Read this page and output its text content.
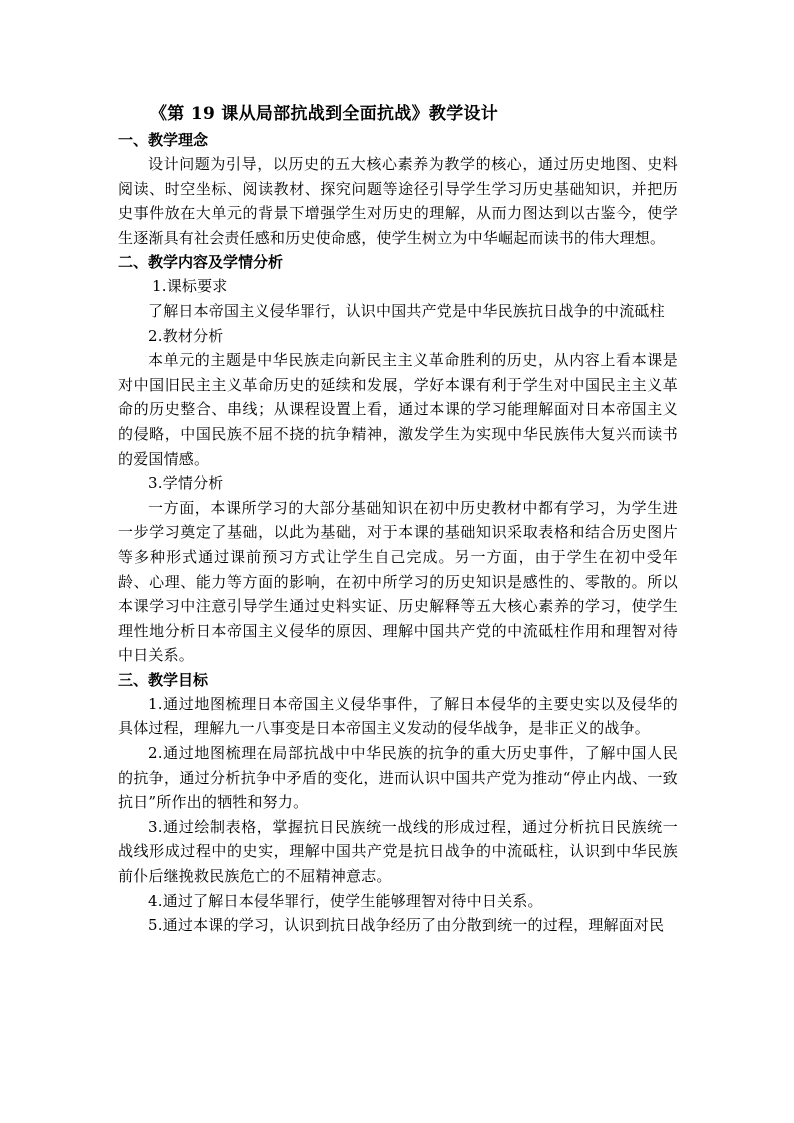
《第 19 课从局部抗战到全面抗战》教学设计
一、教学理念

设计问题为引导，以历史的五大核心素养为教学的核心，通过历史地图、史料阅读、时空坐标、阅读教材、探究问题等途径引导学生学习历史基础知识，并把历史事件放在大单元的背景下增强学生对历史的理解，从而力图达到以古鉴今，使学生逐渐具有社会责任感和历史使命感，使学生树立为中华崛起而读书的伟大理想。

二、教学内容及学情分析

1.课标要求

了解日本帝国主义侵华罪行，认识中国共产党是中华民族抗日战争的中流砥柱

2.教材分析

本单元的主题是中华民族走向新民主主义革命胜利的历史，从内容上看本课是对中国旧民主主义革命历史的延续和发展，学好本课有利于学生对中国民主主义革命的历史整合、串线；从课程设置上看，通过本课的学习能理解面对日本帝国主义的侵略，中国民族不屈不挠的抗争精神，激发学生为实现中华民族伟大复兴而读书的爱国情感。

3.学情分析

一方面，本课所学习的大部分基础知识在初中历史教材中都有学习，为学生进一步学习奠定了基础，以此为基础，对于本课的基础知识采取表格和结合历史图片等多种形式通过课前预习方式让学生自己完成。另一方面，由于学生在初中受年龄、心理、能力等方面的影响，在初中所学习的历史知识是感性的、零散的。所以本课学习中注意引导学生通过史料实证、历史解释等五大核心素养的学习，使学生理性地分析日本帝国主义侵华的原因、理解中国共产党的中流砥柱作用和理智对待中日关系。

三、教学目标

1.通过地图梳理日本帝国主义侵华事件，了解日本侵华的主要史实以及侵华的具体过程，理解九一八事变是日本帝国主义发动的侵华战争，是非正义的战争。

2.通过地图梳理在局部抗战中中华民族的抗争的重大历史事件，了解中国人民的抗争，通过分析抗争中矛盾的变化，进而认识中国共产党为推动“停止内战、一致抗日”所作出的牺牲和努力。

3.通过绘制表格，掌握抗日民族统一战线的形成过程，通过分析抗日民族统一战线形成过程中的史实，理解中国共产党是抗日战争的中流砥柱，认识到中华民族前仆后继挽救民族危亡的不屈精神意志。

4.通过了解日本侵华罪行，使学生能够理智对待中日关系。

5.通过本课的学习，认识到抗日战争经历了由分散到统一的过程，理解面对民
